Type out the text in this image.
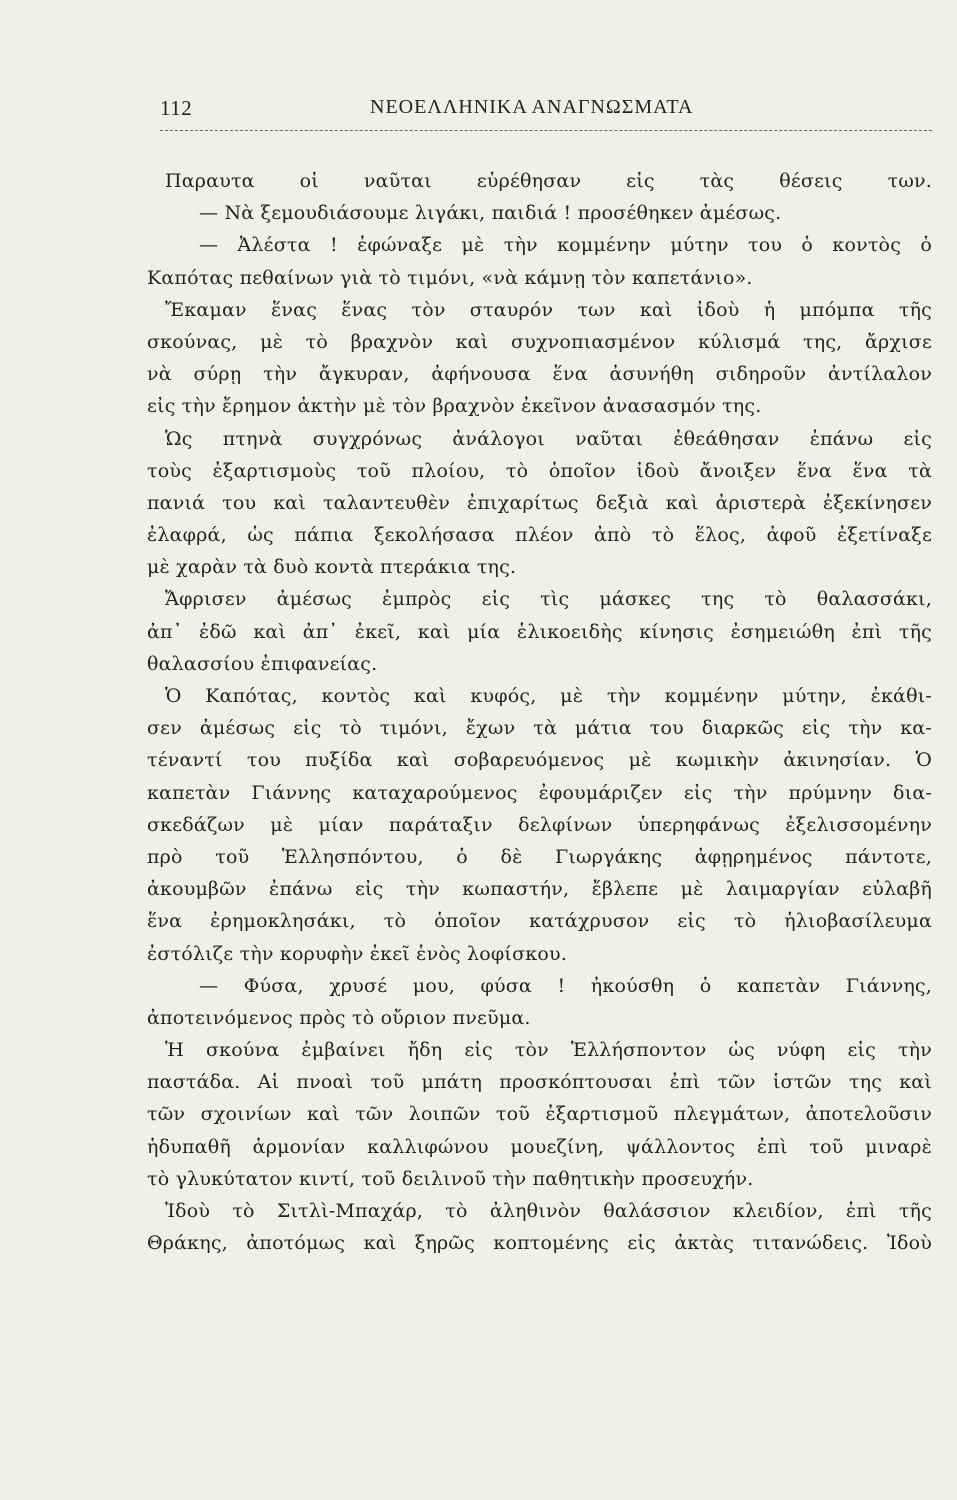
112	ΝΕΟΕΛΛΗΝΙΚΑ ΑΝΑΓΝΩΣΜΑΤΑ
Παραυτα οἱ ναῦται εὑρέθησαν εἰς τὰς θέσεις των.
— Νὰ ξεμουδιάσουμε λιγάκι, παιδιά ! προσέθηκεν ἀμέσως.
— Ἀλέστα ! ἐφώναξε μὲ τὴν κομμένην μύτην του ὁ κοντὸς ὁ
Καπότας πεθαίνων γιὰ τὸ τιμόνι, «νὰ κάμνῃ τὸν καπετάνιο».
Ἔκαμαν ἕνας ἕνας τὸν σταυρόν των καὶ ἰδοὺ ἡ μπόμπα τῆς
σκούνας, μὲ τὸ βραχνὸν καὶ συχνοπιασμένον κύλισμά της, ἄρχισε
νὰ σύρῃ τὴν ἄγκυραν, ἀφήνουσα ἕνα ἀσυνήθη σιδηροῦν ἀντίλαλον
εἰς τὴν ἔρημον ἀκτὴν μὲ τὸν βραχνὸν ἐκεῖνον ἀνασασμόν της.
Ὡς πτηνὰ συγχρόνως ἀνάλογοι ναῦται ἐθεάθησαν ἐπάνω εἰς
τοὺς ἐξαρτισμοὺς τοῦ πλοίου, τὸ ὁποῖον ἰδοὺ ἄνοιξεν ἕνα ἕνα τὰ
πανιά του καὶ ταλαντευθὲν ἐπιχαρίτως δεξιὰ καὶ ἀριστερὰ ἐξεκίνησεν
ἐλαφρά, ὡς πάπια ξεκολήσασα πλέον ἀπὸ τὸ ἕλος, ἀφοῦ ἐξετίναξε
μὲ χαρὰν τὰ δυὸ κοντὰ πτεράκια της.
Ἄφρισεν ἀμέσως ἐμπρὸς εἰς τὶς μάσκες της τὸ θαλασσάκι,
ἀπ᾽ ἐδῶ καὶ ἀπ᾽ ἐκεῖ, καὶ μία ἑλικοειδὴς κίνησις ἐσημειώθη ἐπὶ τῆς
θαλασσίου ἐπιφανείας.
Ὁ Καπότας, κοντὸς καὶ κυφός, μὲ τὴν κομμένην μύτην, ἐκάθι-
σεν ἀμέσως εἰς τὸ τιμόνι, ἔχων τὰ μάτια του διαρκῶς εἰς τὴν κα-
τέναντί του πυξίδα καὶ σοβαρευόμενος μὲ κωμικὴν ἀκινησίαν. Ὁ
καπετὰν Γιάννης καταχαρούμενος ἐφουμάριζεν εἰς τὴν πρύμνην δια-
σκεδάζων μὲ μίαν παράταξιν δελφίνων ὑπερηφάνως ἐξελισσομένην
πρὸ τοῦ Ἑλλησπόντου, ὁ δὲ Γιωργάκης ἀφῃρημένος πάντοτε,
ἀκουμβῶν ἐπάνω εἰς τὴν κωπαστήν, ἔβλεπε μὲ λαιμαργίαν εὐλαβῆ
ἕνα ἐρημοκλησάκι, τὸ ὁποῖον κατάχρυσον εἰς τὸ ἡλιοβασίλευμα
ἐστόλιζε τὴν κορυφὴν ἐκεῖ ἑνὸς λοφίσκου.
— Φύσα, χρυσέ μου, φύσα ! ἠκούσθη ὁ καπετὰν Γιάννης,
ἀποτεινόμενος πρὸς τὸ οὔριον πνεῦμα.
Ἡ σκούνα ἐμβαίνει ἤδη εἰς τὸν Ἑλλήσποντον ὡς νύφη εἰς τὴν
παστάδα. Αἱ πνοαὶ τοῦ μπάτη προσκόπτουσαι ἐπὶ τῶν ἱστῶν της καὶ
τῶν σχοινίων καὶ τῶν λοιπῶν τοῦ ἐξαρτισμοῦ πλεγμάτων, ἀποτελοῦσιν
ἡδυπαθῆ ἁρμονίαν καλλιφώνου μουεζίνη, ψάλλοντος ἐπὶ τοῦ μιναρὲ
τὸ γλυκύτατον κιντί, τοῦ δειλινοῦ τὴν παθητικὴν προσευχήν.
Ἰδοὺ τὸ Σιτλὶ-Μπαχάρ, τὸ ἀληθινὸν θαλάσσιον κλειδίον, ἐπὶ τῆς
Θράκης, ἀποτόμως καὶ ξηρῶς κοπτομένης εἰς ἀκτὰς τιτανώδεις. Ἰδοὺ
